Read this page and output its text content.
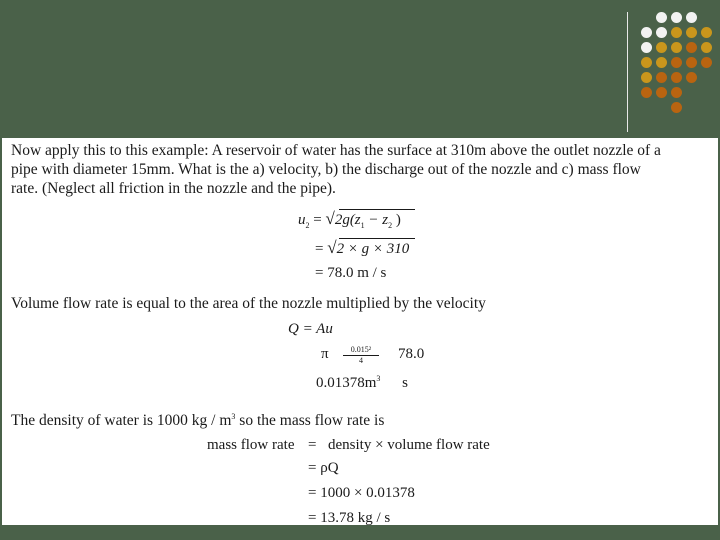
Now apply this to this example: A reservoir of water has the surface at 310m above the outlet nozzle of a
pipe with diameter 15mm. What is the a) velocity, b) the discharge out of the nozzle and c) mass flow
rate. (Neglect all friction in the nozzle and the pipe).
$u_2 = √2g(z_1 - z_2$ )
= √2 × g × 310
= 78.0 m / s
Volume flow rate is equal to the area of the nozzle multiplied by the velocity
Q = Au
π $\frac{\text{0.015²}}{4} 78.0$
$0.01378m^3$ s
The density of water is 1000 kg / $m^3$ so the mass flow rate is
mass flow rate = density × volume flow rate
= ρQ
= 1000 × 0.01378
= 13.78 kg / s
